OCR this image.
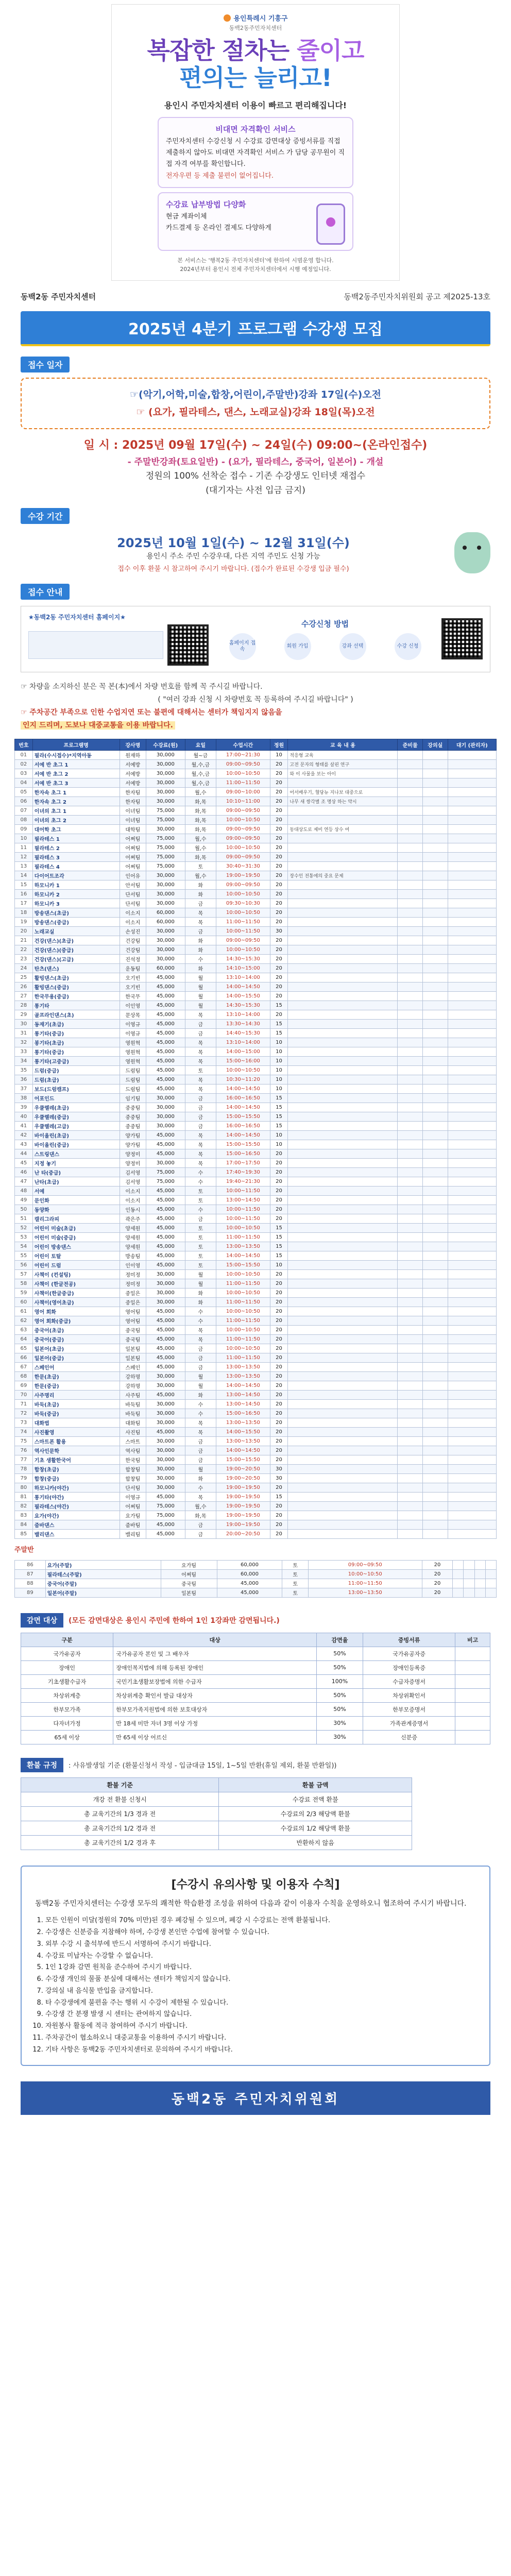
용인특례시 기흥구
동백2동주민자치센터
복잡한 절차는 줄이고
편의는 늘리고!
용인시 주민자치센터 이용이 빠르고 편리해집니다!
비대면 자격확인 서비스
주민자치센터 수강신청 시 수강료 감면대상 증빙서류를 직접 제출하지 않아도 비대면 자격확인 서비스 가 담당 공무원이 직접 자격 여부를 확인합니다.
전자우편 등 제출 불편이 없어집니다.
수강료 납부방법 다양화
현금 계좌이체
카드결제 등 온라인 결제도 다양하게
본 서비스는 '행복2동 주민자치센터'에 한하여 시범운영 합니다.
2024년부터 용인시 전체 주민자치센터에서 시행 예정입니다.
동백2동 주민자치센터	동백2동주민자치위원회 공고 제2025-13호
2025년 4분기 프로그램 수강생 모집
접수 일자
☞(악기,어학,미술,합창,어린이,주말반)강좌 17일(수)오전
☞ (요가, 필라테스, 댄스, 노래교실)강좌 18일(목)오전
일 시 : 2025년 09월 17일(수) ~ 24일(수) 09:00~(온라인접수)
- 주말반강좌(토요일반) - (요가, 필라테스, 중국어, 일본어) - 개설
정원의 100% 선착순 접수 - 기존 수강생도 인터넷 재접수
(대기자는 사전 입금 금지)
수강 기간
2025년 10월 1일(수) ~ 12월 31일(수)
용인시 주소 주민 수강우대, 다른 지역 주민도 신청 가능
접수 이후 환불 시 참고하여 주시기 바랍니다. (접수가 완료된 수강생 입금 필수)
접수 안내
★동백2동 주민자치센터 홈페이지★
수강신청 방법
홈페이지 접속
회원 가입	강좌 선택	수강 신청
☞ 차량을 소지하신 분은 꼭 본(本)에서 차량 번호를 함께 꼭 주시길 바랍니다.
( "여러 강좌 신청 시 차량번호 꼭 등록하여 주시길 바랍니다" )
☞ 주차공간 부족으로 인한 수업지연 또는 불편에 대해서는 센터가 책임지지 않음을
인지 드리며, 도보나 대중교통을 이용 바랍니다.
번호	프로그램명	강사명	수강료(원)	요일	수업시간	정원	교 육 내 용	준비물	강의실	대기 (관리자)
01	필라(수시접수)*지역아동	원재하	30,000	월~금	17:00~21:30	10	적응형 교육			
02	서예 반 초그 1	서예방	30,000	월,수,금	09:00~09:50	20	고전 문자의 형태를 살핀 연구			
03	서예 반 초그 2	서예방	30,000	월,수,금	10:00~10:50	20	와 이 사물을 보는 아이			
04	서예 반 초그 3	서예방	30,000	월,수,금	11:00~11:50	20				
05	한자속 초그 1	한자팀	30,000	월,수	09:00~10:00	20	어서배우기, 혈당뉴 지나보 대중으로			
06	한자속 초그 2	한자팀	30,000	화,목	10:10~11:00	20	나무 새 쌍각별 조 명상 하는 약시			
07	이녀의 초그 1	이녀팀	75,000	화,목	09:00~09:50	20				
08	이녀의 초그 2	이녀팀	75,000	화,목	10:00~10:50	20				
09	대어학 초그	대학팀	30,000	화,목	09:00~09:50	20	동대상도로 제비 연등 상수 여			
10	필라테스 1	어쩌팀	75,000	월,수	09:00~09:50	20				
11	필라테스 2	어쩌팀	75,000	월,수	10:00~10:50	20				
12	필라테스 3	어쩌팀	75,000	화,목	09:00~09:50	20				
13	필라테스 4	어쩌팀	75,000	토	30:40~31:30	20				
14	다이어트조각	인어유	30,000	월,수	19:00~19:50	20	장수인 전통에의 중요 문제			
15	하모니카 1	안서팀	30,000	화	09:00~09:50	20				
16	하모니카 2	단서팀	30,000	화	10:00~10:50	20				
17	하모니카 3	단서팀	30,000	금	09:30~10:30	20				
18	방송댄스(초급)	이소지	60,000	목	10:00~10:50	20				
19	방송댄스(중급)	이소지	60,000	목	11:00~11:50	20				
20	노래교실	손성진	30,000	금	10:00~11:50	30				
21	건강(댄스)(초급)	건강팀	30,000	화	09:00~09:50	20				
22	건강(댄스)(중급)	건강팀	30,000	화	10:00~10:50	20				
23	건강(댄스)(고급)	진석정	30,000	수	14:30~15:30	20				
24	탄츠(댄스)	운동팀	60,000	화	14:10~15:00	20				
25	활빙댄스(초급)	오기빈	45,000	월	13:10~14:00	20				
26	활빙댄스(중급)	오기빈	45,000	월	14:00~14:50	20				
27	한국무용(중급)	한국무	45,000	월	14:00~15:50	20				
28	통기타	이인영	45,000	월	14:30~15:30	15				
29	골프라인댄스(초)	문상목	45,000	목	13:10~14:00	20				
30	동재기(초급)	이영규	45,000	금	13:30~14:30	15				
31	통기타(중급)	이영규	45,000	금	14:40~15:30	15				
32	봉기타(초급)	영원혁	45,000	목	13:10~14:00	10				
33	통기타(중급)	영원혁	45,000	목	14:00~15:00	10				
34	통기타(고중급)	영원혁	45,000	목	15:00~16:00	10				
35	드럼(중급)	드럼팀	45,000	토	10:00~10:50	10				
36	드럼(초급)	드럼팀	45,000	목	10:30~11:20	10				
37	보드(드럼캠프)	드럼팀	45,000	목	14:00~14:50	10				
38	어포인드	임기팀	30,000	금	16:00~16:50	15				
39	우쿨렐레(초급)	중중팀	30,000	금	14:00~14:50	15				
40	우쿨렐레(중급)	중중팀	30,000	금	15:00~15:50	15				
41	우쿨렐레(고급)	중중팀	30,000	금	16:00~16:50	15				
42	바이올린(초급)	양가팀	45,000	목	14:00~14:50	10				
43	바이올린(중급)	양가팀	45,000	목	15:00~15:50	10				
44	스트링댄스	양정미	45,000	목	15:00~16:50	20				
45	지정 놓기	양정미	30,000	목	17:00~17:50	20				
46	난 타(중급)	김서영	75,000	수	17:40~19:30	20				
47	난타(초급)	김서영	75,000	수	19:40~21:30	20				
48	서예	이소지	45,000	토	10:00~11:50	20				
49	문인화	이소지	45,000	토	13:00~14:50	20				
50	동양화	인동시	45,000	수	10:00~11:50	20				
51	캘리그라피	곽은주	45,000	금	10:00~11:50	20				
52	어린이 미술(초급)	양세원	45,000	토	10:00~10:50	15				
53	어린이 미술(중급)	양세원	45,000	토	11:00~11:50	15				
54	어린이 방송댄스	양세원	45,000	토	13:00~13:50	15				
55	어린이 토탈	방송팀	45,000	토	14:00~14:50	15				
56	어린이 드럼	인이영	45,000	토	15:00~15:50	10				
57	사책이 (컨설팅)	정미정	30,000	월	10:00~10:50	20				
58	사책이 (한글전공)	정미정	30,000	월	11:00~11:50	20				
59	사책이(한글중급)	중일은	30,000	화	10:00~10:50	20				
60	사책이(영어초급)	중일은	30,000	화	11:00~11:50	20				
61	영어 회화	영어팀	45,000	수	10:00~10:50	20				
62	영어 회화(중급)	영어팀	45,000	수	11:00~11:50	20				
63	중국어(초급)	중국팀	45,000	목	10:00~10:50	20				
64	중국어(중급)	중국팀	45,000	목	11:00~11:50	20				
65	일본어(초급)	일본팀	45,000	금	10:00~10:50	20				
66	일본어(중급)	일본팀	45,000	금	11:00~11:50	20				
67	스페인어	스페인	45,000	금	13:00~13:50	20				
68	한문(초급)	강하명	30,000	월	13:00~13:50	20				
69	한문(중급)	강하명	30,000	월	14:00~14:50	20				
70	사주명리	사주팀	45,000	화	13:00~14:50	20				
71	바둑(초급)	바둑팀	30,000	수	13:00~14:50	20				
72	바둑(중급)	바둑팀	30,000	수	15:00~16:50	20				
73	대화법	대화팀	30,000	목	13:00~13:50	20				
74	사진촬영	사진팀	45,000	목	14:00~15:50	20				
75	스마트폰 활용	스마트	30,000	금	13:00~13:50	20				
76	역사인문학	역사팀	30,000	금	14:00~14:50	20				
77	기초 생활한국어	한국팀	30,000	금	15:00~15:50	20				
78	합창(초급)	합창팀	30,000	월	19:00~20:50	30				
79	합창(중급)	합창팀	30,000	화	19:00~20:50	30				
80	하모니카(야간)	단서팀	30,000	수	19:00~19:50	20				
81	통기타(야간)	이영규	45,000	목	19:00~19:50	15				
82	필라테스(야간)	어쩌팀	75,000	월,수	19:00~19:50	20				
83	요가(야간)	요가팀	75,000	화,목	19:00~19:50	20				
84	줌바댄스	줌바팀	45,000	금	19:00~19:50	20				
85	밸리댄스	밸리팀	45,000	금	20:00~20:50	20				
주말반
86	요가(주말)	요가팀	60,000	토	09:00~09:50	20				
87	필라테스(주말)	어쩌팀	60,000	토	10:00~10:50	20				
88	중국어(주말)	중국팀	45,000	토	11:00~11:50	20				
89	일본어(주말)	일본팀	45,000	토	13:00~13:50	20				
감면 대상	(모든 감면대상은 용인시 주민에 한하여 1인 1강좌만 감면됩니다.)
구분	대상	감면율	증빙서류	비고
국가유공자	국가유공자 본인 및 그 배우자	50%	국가유공자증	
장애인	장애인복지법에 의해 등록된 장애인	50%	장애인등록증	
기초생활수급자	국민기초생활보장법에 의한 수급자	100%	수급자증명서	
차상위계층	차상위계층 확인서 발급 대상자	50%	차상위확인서	
한부모가족	한부모가족지원법에 의한 보호대상자	50%	한부모증명서	
다자녀가정	만 18세 미만 자녀 3명 이상 가정	30%	가족관계증명서	
65세 이상	만 65세 이상 어르신	30%	신분증	
환불 규정	: 사유발생일 기준 (환불신청서 작성 - 입금대금 15일, 1~5일 반환(휴일 제외, 환불 반환일))
환불 기준	환불 금액
개강 전 환불 신청시	수강료 전액 환불
총 교육기간의 1/3 경과 전	수강료의 2/3 해당액 환불
총 교육기간의 1/2 경과 전	수강료의 1/2 해당액 환불
총 교육기간의 1/2 경과 후	반환하지 않음
[수강시 유의사항 및 이용자 수칙]
동백2동 주민자치센터는 수강생 모두의 쾌적한 학습환경 조성을 위하여 다음과 같이 이용자 수칙을 운영하오니 협조하여 주시기 바랍니다.
1. 모든 인원이 미달(정원의 70% 미만)된 경우 폐강될 수 있으며, 폐강 시 수강료는 전액 환불됩니다.
2. 수강생은 신분증을 지참해야 하며, 수강생 본인만 수업에 참여할 수 있습니다.
3. 외부 수강 시 출석부에 반드시 서명하여 주시기 바랍니다.
4. 수강료 미납자는 수강할 수 없습니다.
5. 1인 1강좌 감면 원칙을 준수하여 주시기 바랍니다.
6. 수강생 개인의 물품 분실에 대해서는 센터가 책임지지 않습니다.
7. 강의실 내 음식물 반입을 금지합니다.
8. 타 수강생에게 불편을 주는 행위 시 수강이 제한될 수 있습니다.
9. 수강생 간 분쟁 발생 시 센터는 관여하지 않습니다.
10. 자원봉사 활동에 적극 참여하여 주시기 바랍니다.
11. 주차공간이 협소하오니 대중교통을 이용하여 주시기 바랍니다.
12. 기타 사항은 동백2동 주민자치센터로 문의하여 주시기 바랍니다.
동백2동 주민자치위원회
